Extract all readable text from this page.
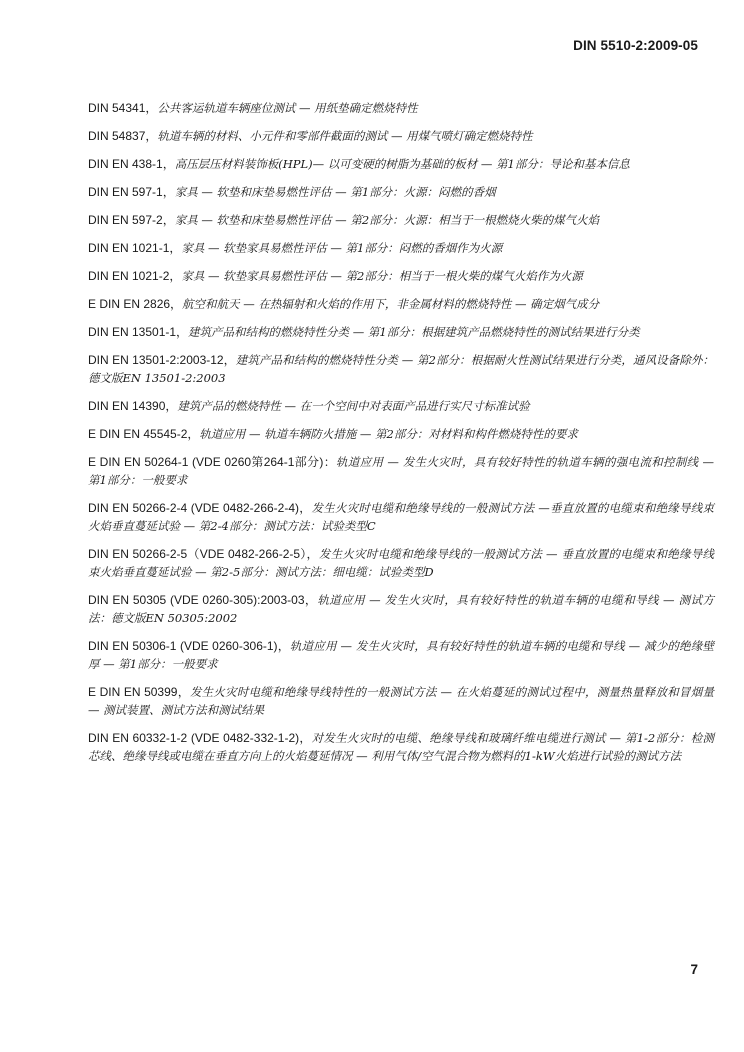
DIN 5510-2:2009-05

DIN 54341，公共客运轨道车辆座位测试 — 用纸垫确定燃烧特性

DIN 54837，轨道车辆的材料、小元件和零部件截面的测试 — 用煤气喷灯确定燃烧特性

DIN EN 438-1，高压层压材料装饰板(HPL)— 以可变硬的树脂为基础的板材 — 第1部分：导论和基本信息

DIN EN 597-1，家具 — 软垫和床垫易燃性评估 — 第1部分：火源：闷燃的香烟

DIN EN 597-2，家具 — 软垫和床垫易燃性评估 — 第2部分：火源：相当于一根燃烧火柴的煤气火焰

DIN EN 1021-1，家具 — 软垫家具易燃性评估 — 第1部分：闷燃的香烟作为火源

DIN EN 1021-2，家具 — 软垫家具易燃性评估 — 第2部分：相当于一根火柴的煤气火焰作为火源

E DIN EN 2826，航空和航天 — 在热辐射和火焰的作用下，非金属材料的燃烧特性 — 确定烟气成分

DIN EN 13501-1，建筑产品和结构的燃烧特性分类 — 第1部分：根据建筑产品燃烧特性的测试结果进行分类

DIN EN 13501-2:2003-12，建筑产品和结构的燃烧特性分类 — 第2部分：根据耐火性测试结果进行分类，通风设备除外：德文版EN 13501-2:2003

DIN EN 14390，建筑产品的燃烧特性 — 在一个空间中对表面产品进行实尺寸标准试验

E DIN EN 45545-2，轨道应用 — 轨道车辆防火措施 — 第2部分：对材料和构件燃烧特性的要求

E DIN EN 50264-1 (VDE 0260第264-1部分)：轨道应用 — 发生火灾时，具有较好特性的轨道车辆的强电流和控制线 — 第1部分：一般要求

DIN EN 50266-2-4 (VDE 0482-266-2-4)，发生火灾时电缆和绝缘导线的一般测试方法 —垂直放置的电缆束和绝缘导线束火焰垂直蔓延试验 — 第2-4部分：测试方法：试验类型C

DIN EN 50266-2-5（VDE 0482-266-2-5），发生火灾时电缆和绝缘导线的一般测试方法 — 垂直放置的电缆束和绝缘导线束火焰垂直蔓延试验 — 第2-5部分：测试方法：细电缆：试验类型D

DIN EN 50305 (VDE 0260-305):2003-03，轨道应用 — 发生火灾时，具有较好特性的轨道车辆的电缆和导线 — 测试方法：德文版EN 50305:2002

DIN EN 50306-1 (VDE 0260-306-1)，轨道应用 — 发生火灾时，具有较好特性的轨道车辆的电缆和导线 — 减少的绝缘壁厚 — 第1部分：一般要求

E DIN EN 50399，发生火灾时电缆和绝缘导线特性的一般测试方法 — 在火焰蔓延的测试过程中，测量热量释放和冒烟量 — 测试装置、测试方法和测试结果

DIN EN 60332-1-2 (VDE 0482-332-1-2)，对发生火灾时的电缆、绝缘导线和玻璃纤维电缆进行测试 — 第1-2部分：检测芯线、绝缘导线或电缆在垂直方向上的火焰蔓延情况 — 利用气体/空气混合物为燃料的1-kW火焰进行试验的测试方法

7
